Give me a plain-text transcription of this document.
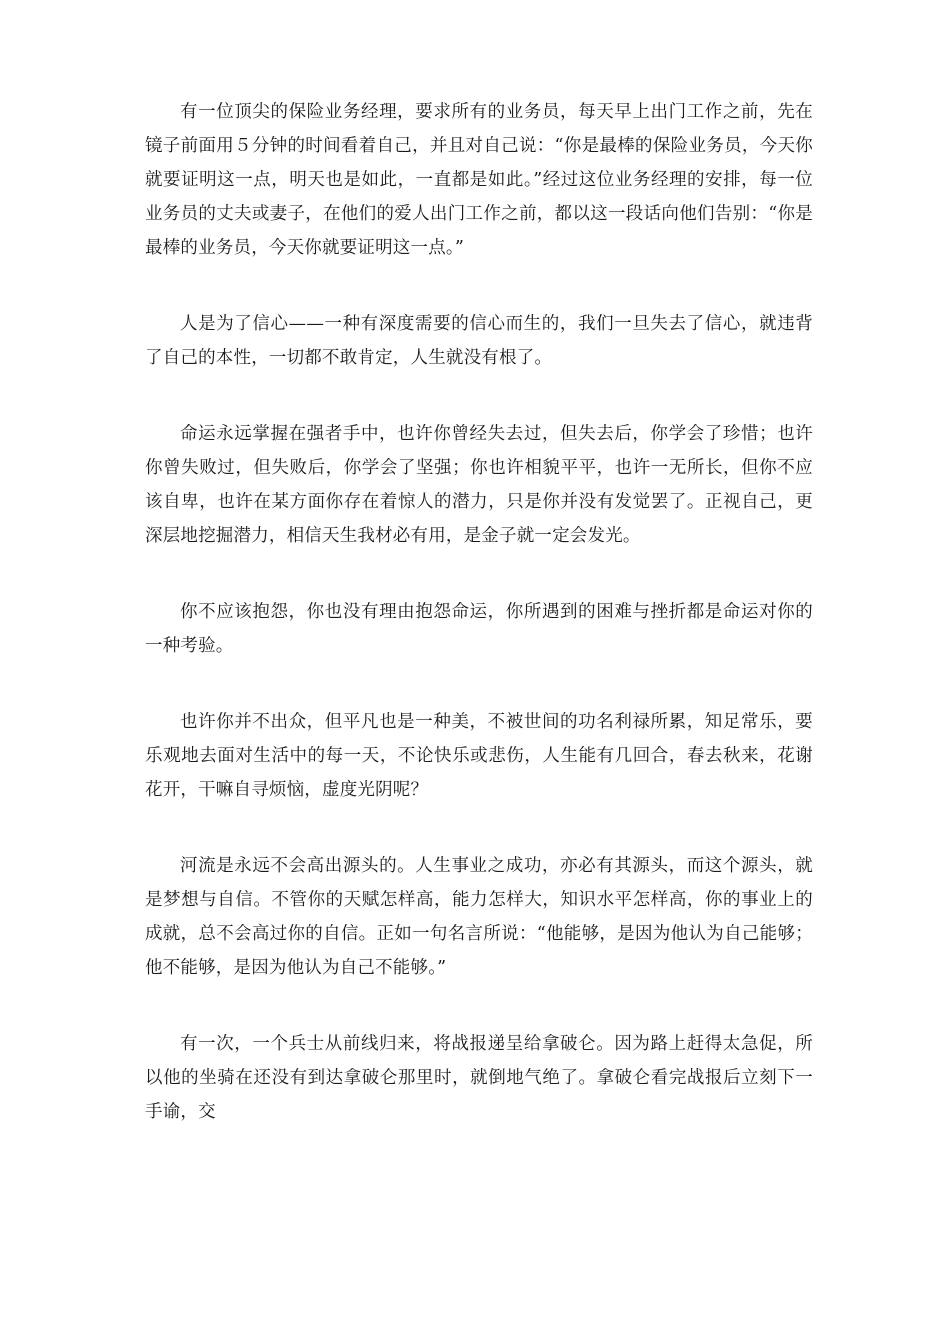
有一位顶尖的保险业务经理，要求所有的业务员，每天早上出门工作之前，先在镜子前面用５分钟的时间看着自己，并且对自己说：“你是最棒的保险业务员，今天你就要证明这一点，明天也是如此，一直都是如此。”经过这位业务经理的安排，每一位业务员的丈夫或妻子，在他们的爱人出门工作之前，都以这一段话向他们告别：“你是最棒的业务员，今天你就要证明这一点。”

人是为了信心——一种有深度需要的信心而生的，我们一旦失去了信心，就违背了自己的本性，一切都不敢肯定，人生就没有根了。

命运永远掌握在强者手中，也许你曾经失去过，但失去后，你学会了珍惜；也许你曾失败过，但失败后，你学会了坚强；你也许相貌平平，也许一无所长，但你不应该自卑，也许在某方面你存在着惊人的潜力，只是你并没有发觉罢了。正视自己，更深层地挖掘潜力，相信天生我材必有用，是金子就一定会发光。

你不应该抱怨，你也没有理由抱怨命运，你所遇到的困难与挫折都是命运对你的一种考验。

也许你并不出众，但平凡也是一种美，不被世间的功名利禄所累，知足常乐，要乐观地去面对生活中的每一天，不论快乐或悲伤，人生能有几回合，春去秋来，花谢花开，干嘛自寻烦恼，虚度光阴呢？

河流是永远不会高出源头的。人生事业之成功，亦必有其源头，而这个源头，就是梦想与自信。不管你的天赋怎样高，能力怎样大，知识水平怎样高，你的事业上的成就，总不会高过你的自信。正如一句名言所说：“他能够，是因为他认为自己能够；他不能够，是因为他认为自己不能够。”

有一次，一个兵士从前线归来，将战报递呈给拿破仑。因为路上赶得太急促，所以他的坐骑在还没有到达拿破仑那里时，就倒地气绝了。拿破仑看完战报后立刻下一手谕，交
